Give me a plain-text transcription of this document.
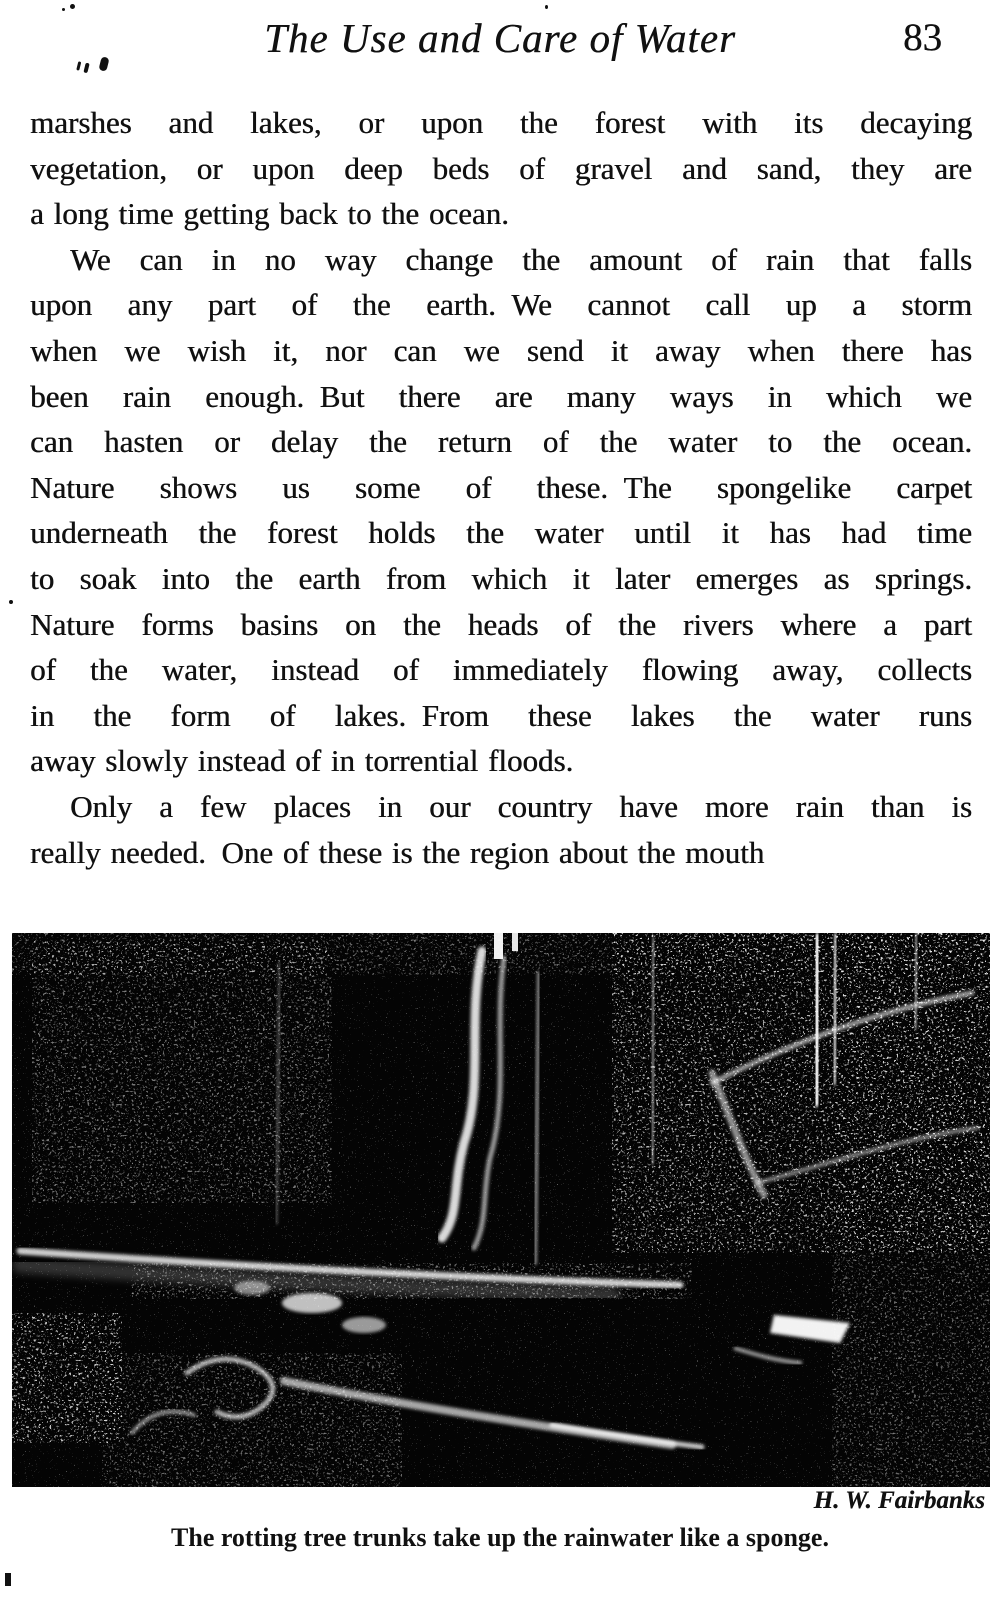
The Use and Care of Water	83
marshes and lakes, or upon the forest with its decaying
vegetation, or upon deep beds of gravel and sand, they are
a long time getting back to the ocean.
We can in no way change the amount of rain that falls
upon any part of the earth. We cannot call up a storm
when we wish it, nor can we send it away when there has
been rain enough. But there are many ways in which we
can hasten or delay the return of the water to the ocean.
Nature shows us some of these. The spongelike carpet
underneath the forest holds the water until it has had time
to soak into the earth from which it later emerges as springs.
Nature forms basins on the heads of the rivers where a part
of the water, instead of immediately flowing away, collects
in the form of lakes. From these lakes the water runs
away slowly instead of in torrential floods.
Only a few places in our country have more rain than is
really needed. One of these is the region about the mouth
H. W. Fairbanks
The rotting tree trunks take up the rainwater like a sponge.
